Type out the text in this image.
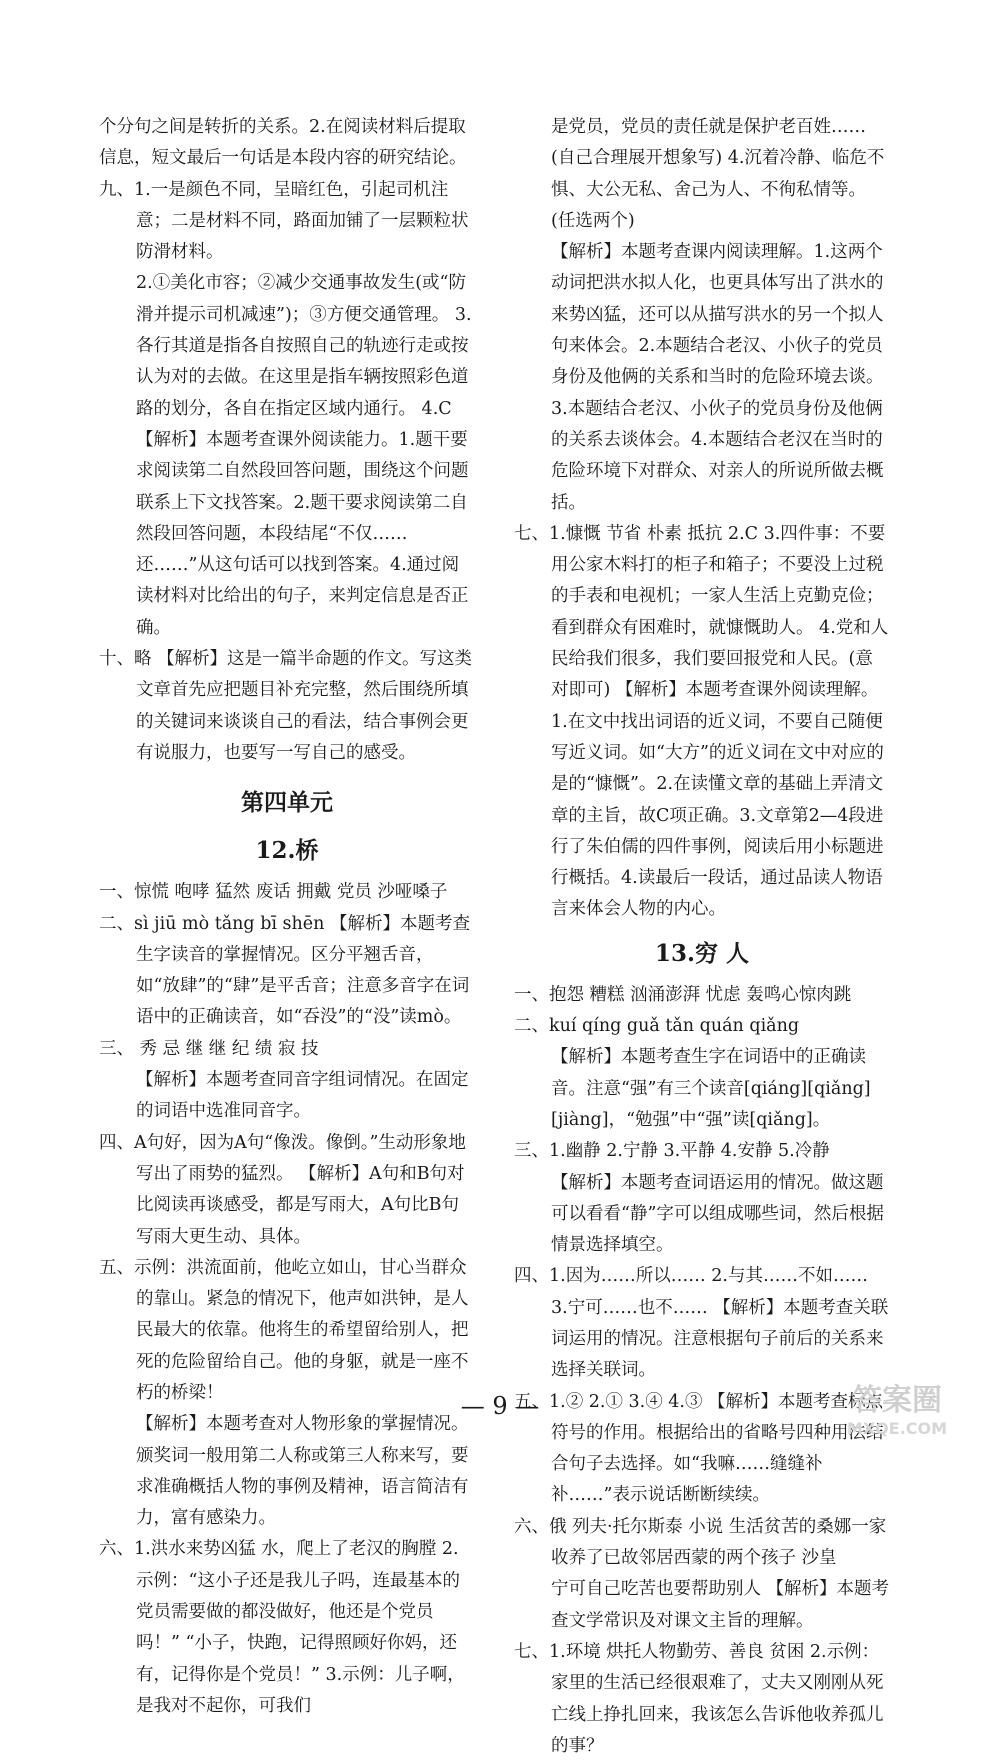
个分句之间是转折的关系。2.在阅读材料后提取信息，短文最后一句话是本段内容的研究结论。

九、1.一是颜色不同，呈暗红色，引起司机注意；二是材料不同，路面加铺了一层颗粒状防滑材料。

2.①美化市容；②减少交通事故发生(或“防滑并提示司机减速”)；③方便交通管理。 3.各行其道是指各自按照自己的轨迹行走或按认为对的去做。在这里是指车辆按照彩色道路的划分，各自在指定区域内通行。 4.C 【解析】本题考查课外阅读能力。1.题干要求阅读第二自然段回答问题，围绕这个问题联系上下文找答案。2.题干要求阅读第二自然段回答问题，本段结尾“不仅……还……”从这句话可以找到答案。4.通过阅读材料对比给出的句子，来判定信息是否正确。

十、略 【解析】这是一篇半命题的作文。写这类文章首先应把题目补充完整，然后围绕所填的关键词来谈谈自己的看法，结合事例会更有说服力，也要写一写自己的感受。

第四单元
12.桥

一、惊慌 咆哮 猛然 废话 拥戴 党员 沙哑嗓子

二、sì jiū mò tǎng bī shēn 【解析】本题考查生字读音的掌握情况。区分平翘舌音，如“放肆”的“肆”是平舌音；注意多音字在词语中的正确读音，如“吞没”的“没”读mò。

三、 秀 忌 继 继 纪 绩 寂 技

【解析】本题考查同音字组词情况。在固定的词语中选准同音字。

四、A句好，因为A句“像泼。像倒。”生动形象地写出了雨势的猛烈。 【解析】A句和B句对比阅读再谈感受，都是写雨大，A句比B句写雨大更生动、具体。

五、示例：洪流面前，他屹立如山，甘心当群众的靠山。紧急的情况下，他声如洪钟，是人民最大的依靠。他将生的希望留给别人，把死的危险留给自己。他的身躯，就是一座不朽的桥梁！

【解析】本题考查对人物形象的掌握情况。颁奖词一般用第二人称或第三人称来写，要求准确概括人物的事例及精神，语言简洁有力，富有感染力。

六、1.洪水来势凶猛 水，爬上了老汉的胸膛 2.示例：“这小子还是我儿子吗，连最基本的党员需要做的都没做好，他还是个党员吗！” “小子，快跑，记得照顾好你妈，还有，记得你是个党员！” 3.示例：儿子啊，是我对不起你，可我们

是党员，党员的责任就是保护老百姓……(自己合理展开想象写) 4.沉着冷静、临危不惧、大公无私、舍己为人、不徇私情等。(任选两个)

【解析】本题考查课内阅读理解。1.这两个动词把洪水拟人化，也更具体写出了洪水的来势凶猛，还可以从描写洪水的另一个拟人句来体会。2.本题结合老汉、小伙子的党员身份及他俩的关系和当时的危险环境去谈。3.本题结合老汉、小伙子的党员身份及他俩的关系去谈体会。4.本题结合老汉在当时的危险环境下对群众、对亲人的所说所做去概括。

七、1.慷慨 节省 朴素 抵抗 2.C 3.四件事：不要用公家木料打的柜子和箱子；不要没上过税的手表和电视机；一家人生活上克勤克俭；看到群众有困难时，就慷慨助人。 4.党和人民给我们很多，我们要回报党和人民。(意对即可) 【解析】本题考查课外阅读理解。1.在文中找出词语的近义词，不要自己随便写近义词。如“大方”的近义词在文中对应的是的“慷慨”。2.在读懂文章的基础上弄清文章的主旨，故C项正确。3.文章第2—4段进行了朱伯儒的四件事例，阅读后用小标题进行概括。4.读最后一段话，通过品读人物语言来体会人物的内心。

13.穷 人

一、抱怨 糟糕 汹涌澎湃 忧虑 轰鸣心惊肉跳

二、kuí qíng guǎ tǎn quán qiǎng

【解析】本题考查生字在词语中的正确读音。注意“强”有三个读音[qiáng][qiǎng][jiàng]，“勉强”中“强”读[qiǎng]。

三、1.幽静 2.宁静 3.平静 4.安静 5.冷静

【解析】本题考查词语运用的情况。做这题可以看看“静”字可以组成哪些词，然后根据情景选择填空。

四、1.因为……所以…… 2.与其……不如……

3.宁可……也不…… 【解析】本题考查关联词运用的情况。注意根据句子前后的关系来选择关联词。

五、1.② 2.① 3.④ 4.③ 【解析】本题考查标点符号的作用。根据给出的省略号四种用法结合句子去选择。如“我嘛……缝缝补补……”表示说话断断续续。

六、俄 列夫·托尔斯泰 小说 生活贫苦的桑娜一家收养了已故邻居西蒙的两个孩子 沙皇

宁可自己吃苦也要帮助别人 【解析】本题考查文学常识及对课文主旨的理解。

七、1.环境 烘托人物勤劳、善良 贫困 2.示例：家里的生活已经很艰难了，丈夫又刚刚从死亡线上挣扎回来，我该怎么告诉他收养孤儿的事？

— 9 —	答案圈
MXQE.COM
